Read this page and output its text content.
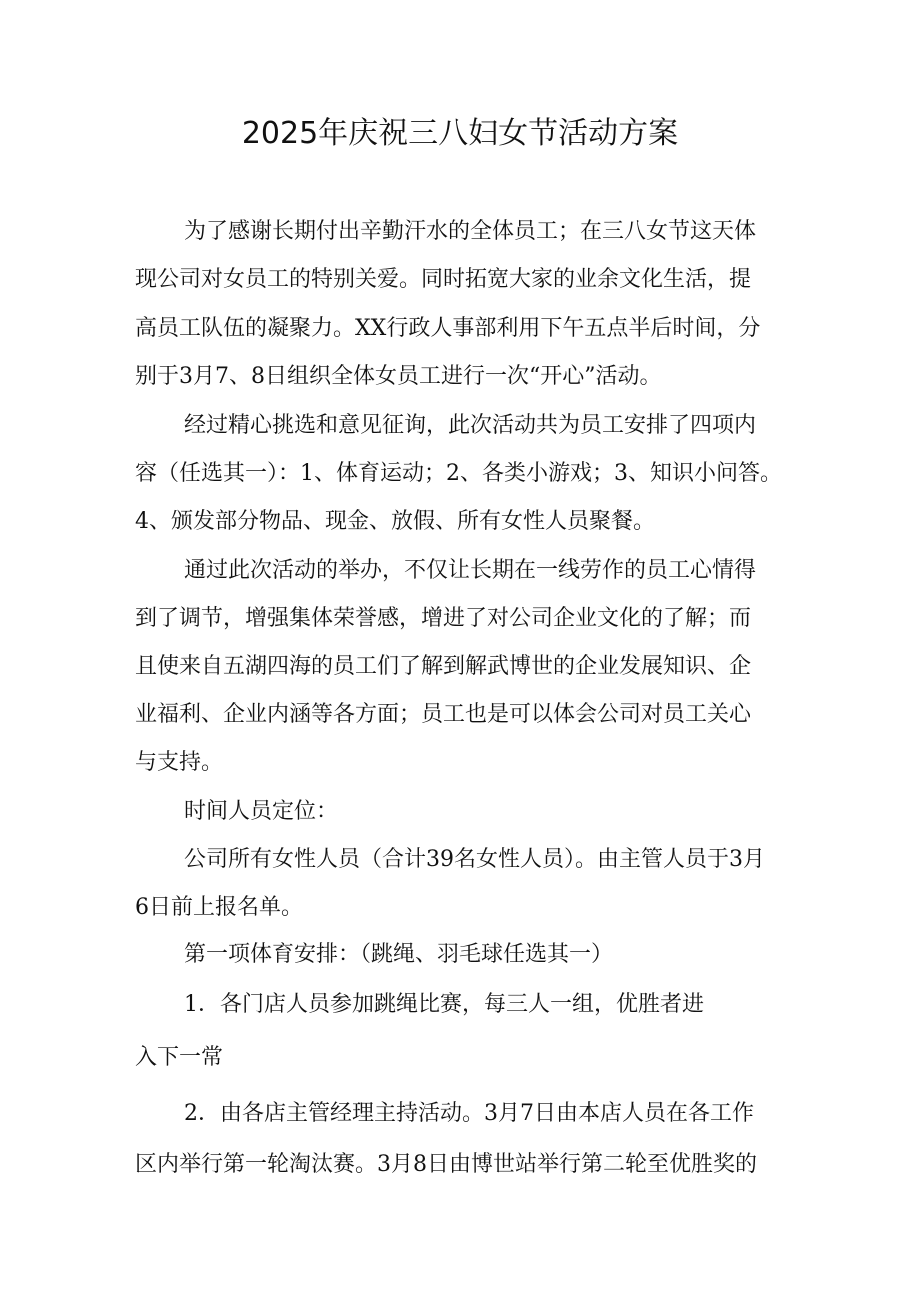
2025年庆祝三八妇女节活动方案
为了感谢长期付出辛勤汗水的全体员工；在三八女节这天体
现公司对女员工的特别关爱。同时拓宽大家的业余文化生活，提
高员工队伍的凝聚力。XX行政人事部利用下午五点半后时间，分
别于3月7、8日组织全体女员工进行一次“开心”活动。
经过精心挑选和意见征询，此次活动共为员工安排了四项内
容（任选其一）：1、体育运动；2、各类小游戏；3、知识小问答。
4、颁发部分物品、现金、放假、所有女性人员聚餐。
通过此次活动的举办，不仅让长期在一线劳作的员工心情得
到了调节，增强集体荣誉感，增进了对公司企业文化的了解；而
且使来自五湖四海的员工们了解到解武博世的企业发展知识、企
业福利、企业内涵等各方面；员工也是可以体会公司对员工关心
与支持。
时间人员定位：
公司所有女性人员（合计39名女性人员）。由主管人员于3月
6日前上报名单。
第一项体育安排：（跳绳、羽毛球任选其一）
1．各门店人员参加跳绳比赛，每三人一组，优胜者进
入下一常
2．由各店主管经理主持活动。3月7日由本店人员在各工作
区内举行第一轮淘汰赛。3月8日由博世站举行第二轮至优胜奖的
